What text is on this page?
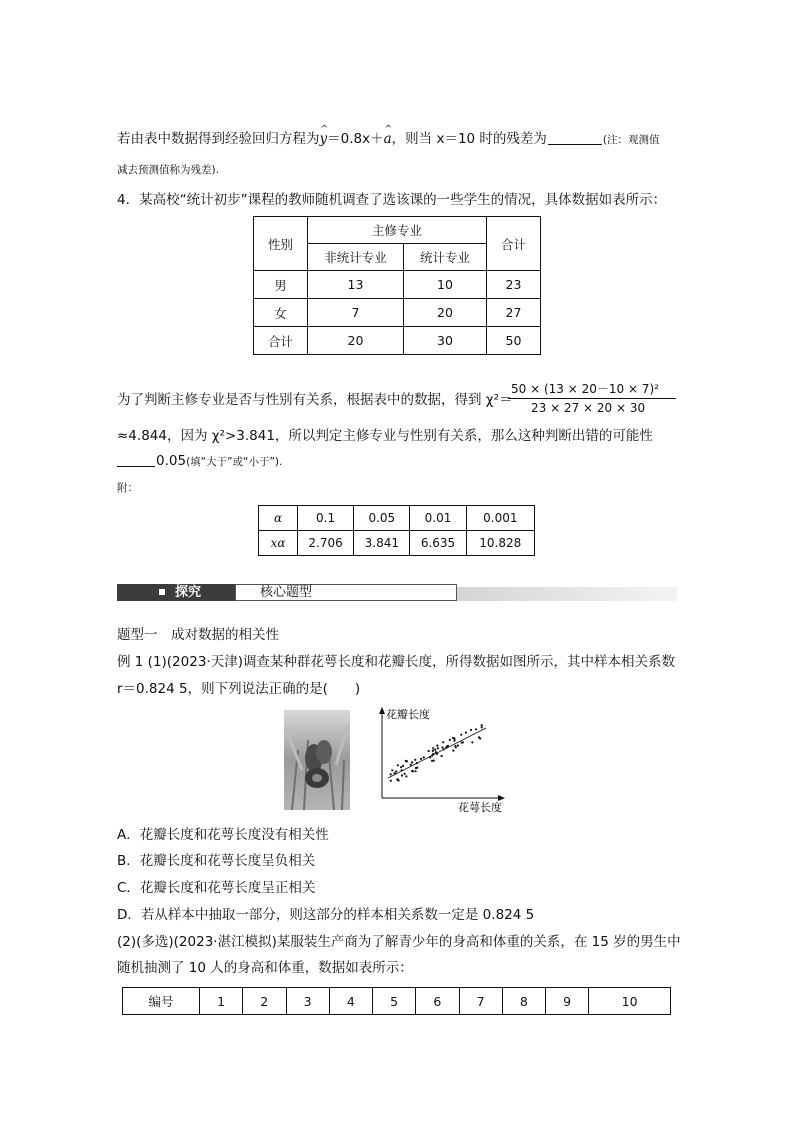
若由表中数据得到经验回归方程为^ y＝0.8x＋^ a，则当 x＝10 时的残差为	(注：观测值
减去预测值称为残差).
4．某高校“统计初步”课程的教师随机调查了选该课的一些学生的情况，具体数据如表所示：
性别	主修专业		合计
	非统计专业	统计专业	
男	13	10	23
女	7	20	27
合计	20	30	50
为了判断主修专业是否与性别有关系，根据表中的数据，得到 χ²＝
50 × (13 × 20－10 × 7)²
23 × 27 × 20 × 30
≈4.844，因为 χ²>3.841，所以判定主修专业与性别有关系，那么这种判断出错的可能性
0.05(填“大于”或“小于”).
附：
α	0.1	0.05	0.01	0.001
xα	2.706	3.841	6.635	10.828
探究	核心题型
题型一　成对数据的相关性
例 1 (1)(2023·天津)调查某种群花萼长度和花瓣长度，所得数据如图所示，其中样本相关系数
r＝0.824 5，则下列说法正确的是(　　)
花瓣长度
花萼长度
A．花瓣长度和花萼长度没有相关性
B．花瓣长度和花萼长度呈负相关
C．花瓣长度和花萼长度呈正相关
D．若从样本中抽取一部分，则这部分的样本相关系数一定是 0.824 5
(2)(多选)(2023·湛江模拟)某服装生产商为了解青少年的身高和体重的关系，在 15 岁的男生中
随机抽测了 10 人的身高和体重，数据如表所示：
编号	1	2	3	4	5	6	7	8	9	10
